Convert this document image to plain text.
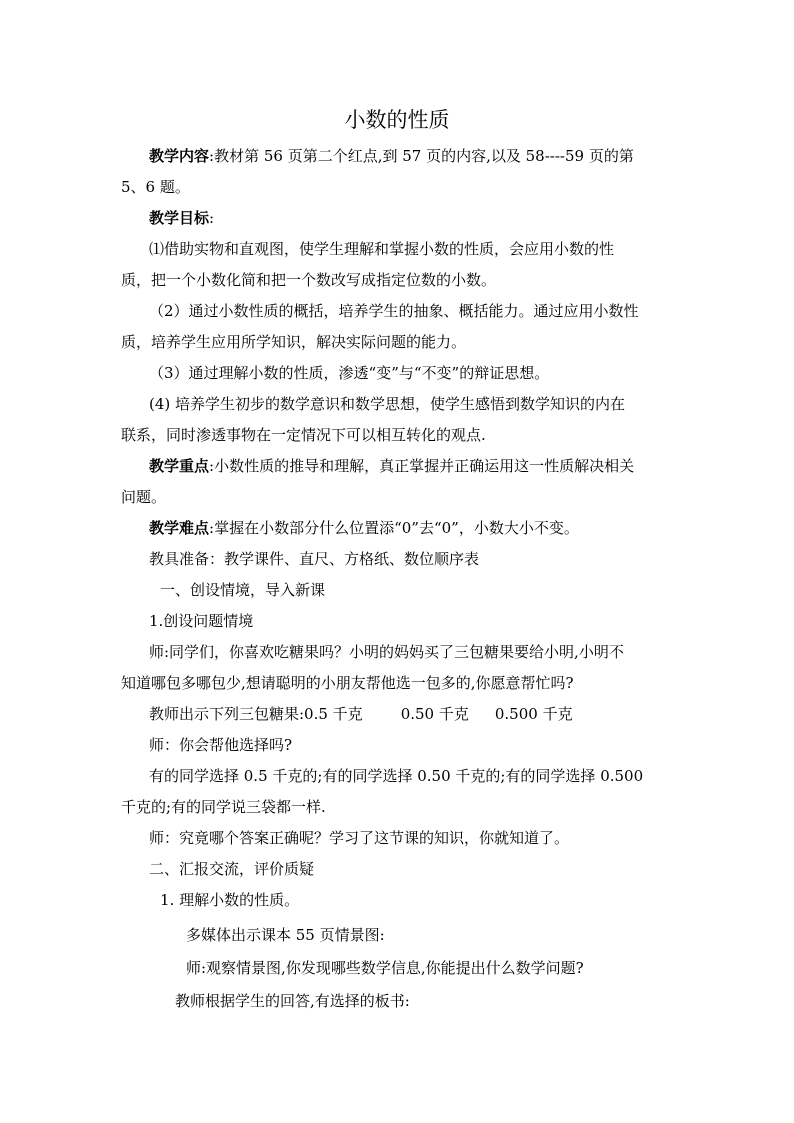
小数的性质
教学内容:教材第 56 页第二个红点,到 57 页的内容,以及 58----59 页的第
5、6 题。
教学目标:
⑴借助实物和直观图，使学生理解和掌握小数的性质，会应用小数的性
质，把一个小数化简和把一个数改写成指定位数的小数。
（2）通过小数性质的概括，培养学生的抽象、概括能力。通过应用小数性
质，培养学生应用所学知识，解决实际问题的能力。
（3）通过理解小数的性质，渗透“变”与“不变”的辩证思想。
(4) 培养学生初步的数学意识和数学思想，使学生感悟到数学知识的内在
联系，同时渗透事物在一定情况下可以相互转化的观点.
教学重点:小数性质的推导和理解，真正掌握并正确运用这一性质解决相关
问题。
教学难点:掌握在小数部分什么位置添“0”去“0”，小数大小不变。
教具准备：教学课件、直尺、方格纸、数位顺序表
一、创设情境，导入新课
1.创设问题情境
师:同学们，你喜欢吃糖果吗？小明的妈妈买了三包糖果要给小明,小明不
知道哪包多哪包少,想请聪明的小朋友帮他选一包多的,你愿意帮忙吗?
教师出示下列三包糖果:0.5 千克	0.50 千克 0.500 千克
师：你会帮他选择吗?
有的同学选择 0.5 千克的;有的同学选择 0.50 千克的;有的同学选择 0.500
千克的;有的同学说三袋都一样.
师：究竟哪个答案正确呢？学习了这节课的知识，你就知道了。
二、汇报交流，评价质疑
1. 理解小数的性质。
多媒体出示课本 55 页情景图:
师:观察情景图,你发现哪些数学信息,你能提出什么数学问题?
教师根据学生的回答,有选择的板书:
